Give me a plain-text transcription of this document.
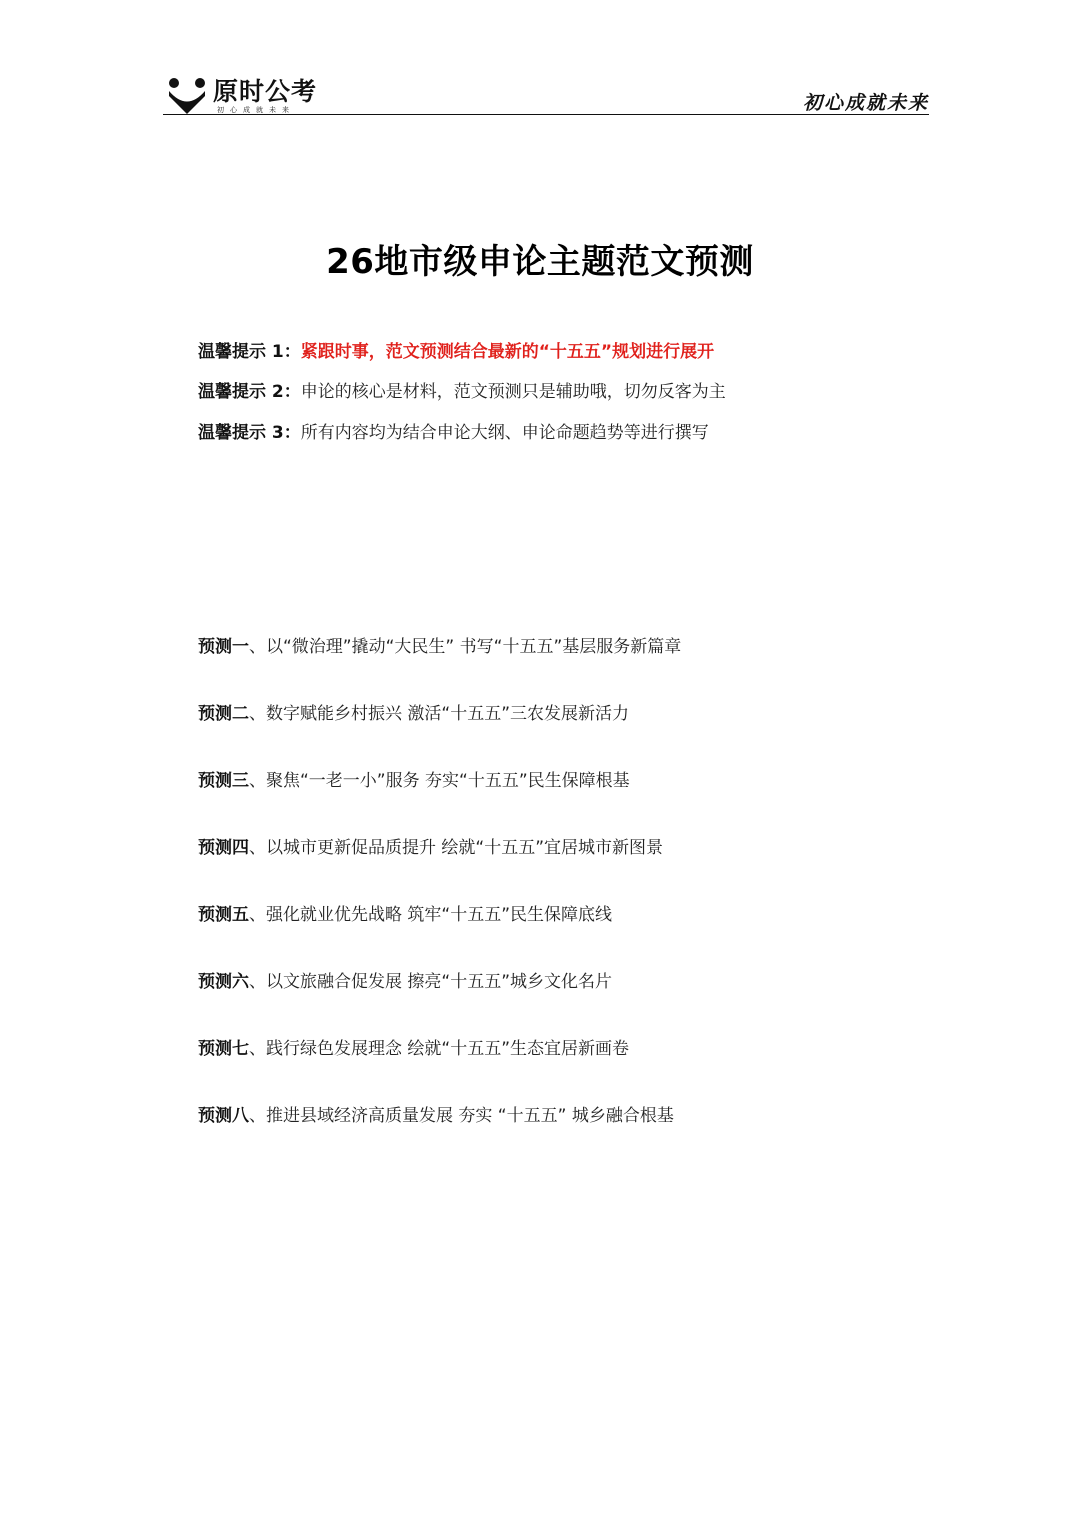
原时公考
初心成就未来	初心成就未来
26地市级申论主题范文预测
温馨提示 1：紧跟时事，范文预测结合最新的“十五五”规划进行展开
温馨提示 2：申论的核心是材料，范文预测只是辅助哦，切勿反客为主
温馨提示 3：所有内容均为结合申论大纲、申论命题趋势等进行撰写
预测一、以“微治理”撬动“大民生” 书写“十五五”基层服务新篇章
预测二、数字赋能乡村振兴 激活“十五五”三农发展新活力
预测三、聚焦“一老一小”服务 夯实“十五五”民生保障根基
预测四、以城市更新促品质提升 绘就“十五五”宜居城市新图景
预测五、强化就业优先战略 筑牢“十五五”民生保障底线
预测六、以文旅融合促发展 擦亮“十五五”城乡文化名片
预测七、践行绿色发展理念 绘就“十五五”生态宜居新画卷
预测八、推进县域经济高质量发展 夯实 “十五五” 城乡融合根基
